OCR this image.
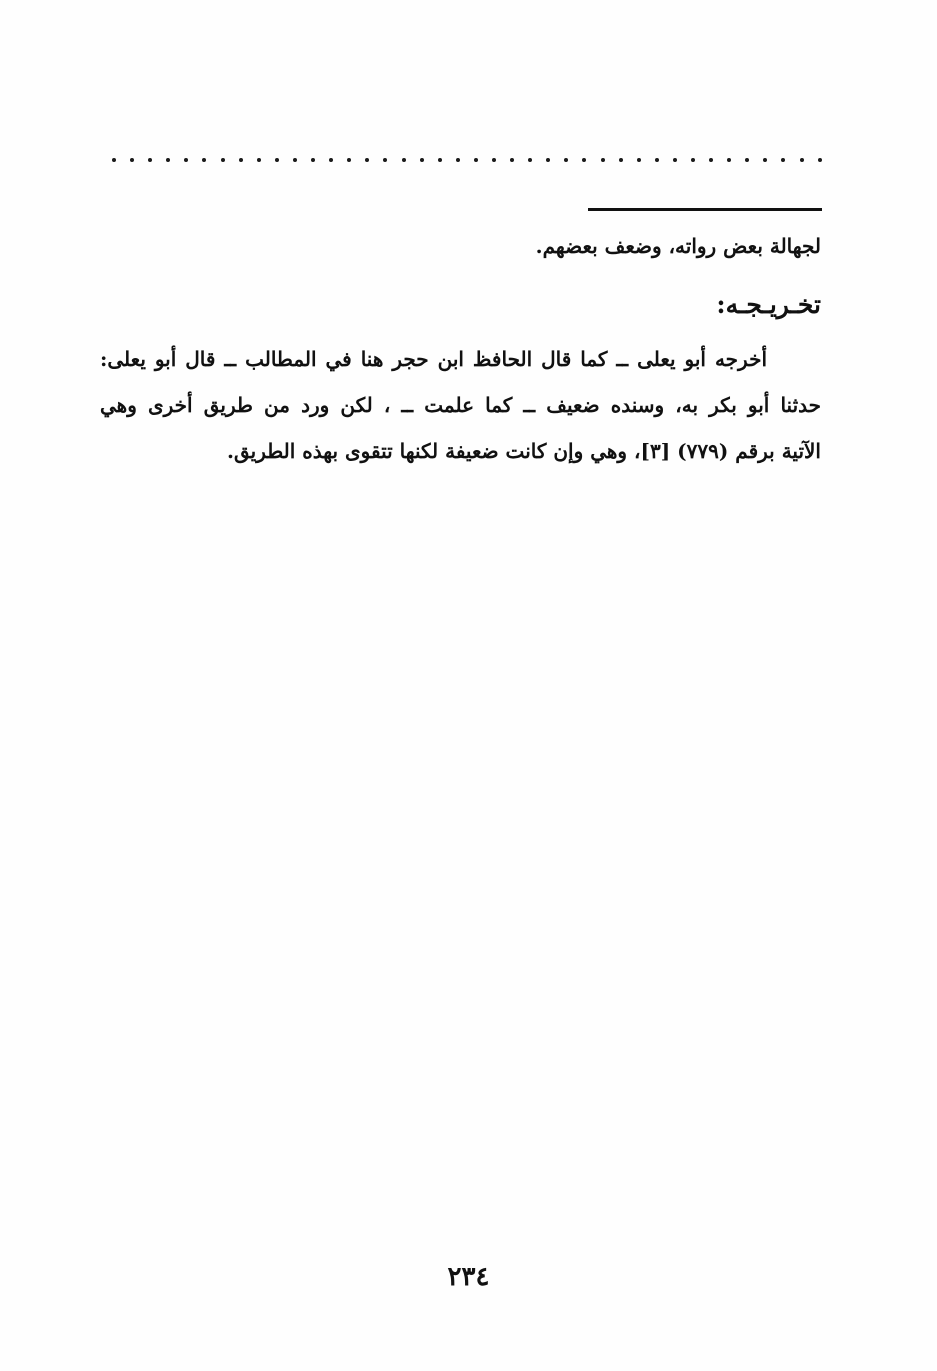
لجهالة بعض رواته، وضعف بعضهم.
تخـريـجـه:
أخرجه أبو يعلى ــ كما قال الحافظ ابن حجر هنا في المطالب ــ قال أبو يعلى:
حدثنا أبو بكر به، وسنده ضعيف ــ كما علمت ــ ، لكن ورد من طريق أخرى وهي
الآتية برقم (٧٧٩) [٣]، وهي وإن كانت ضعيفة لكنها تتقوى بهذه الطريق.
٢٣٤
